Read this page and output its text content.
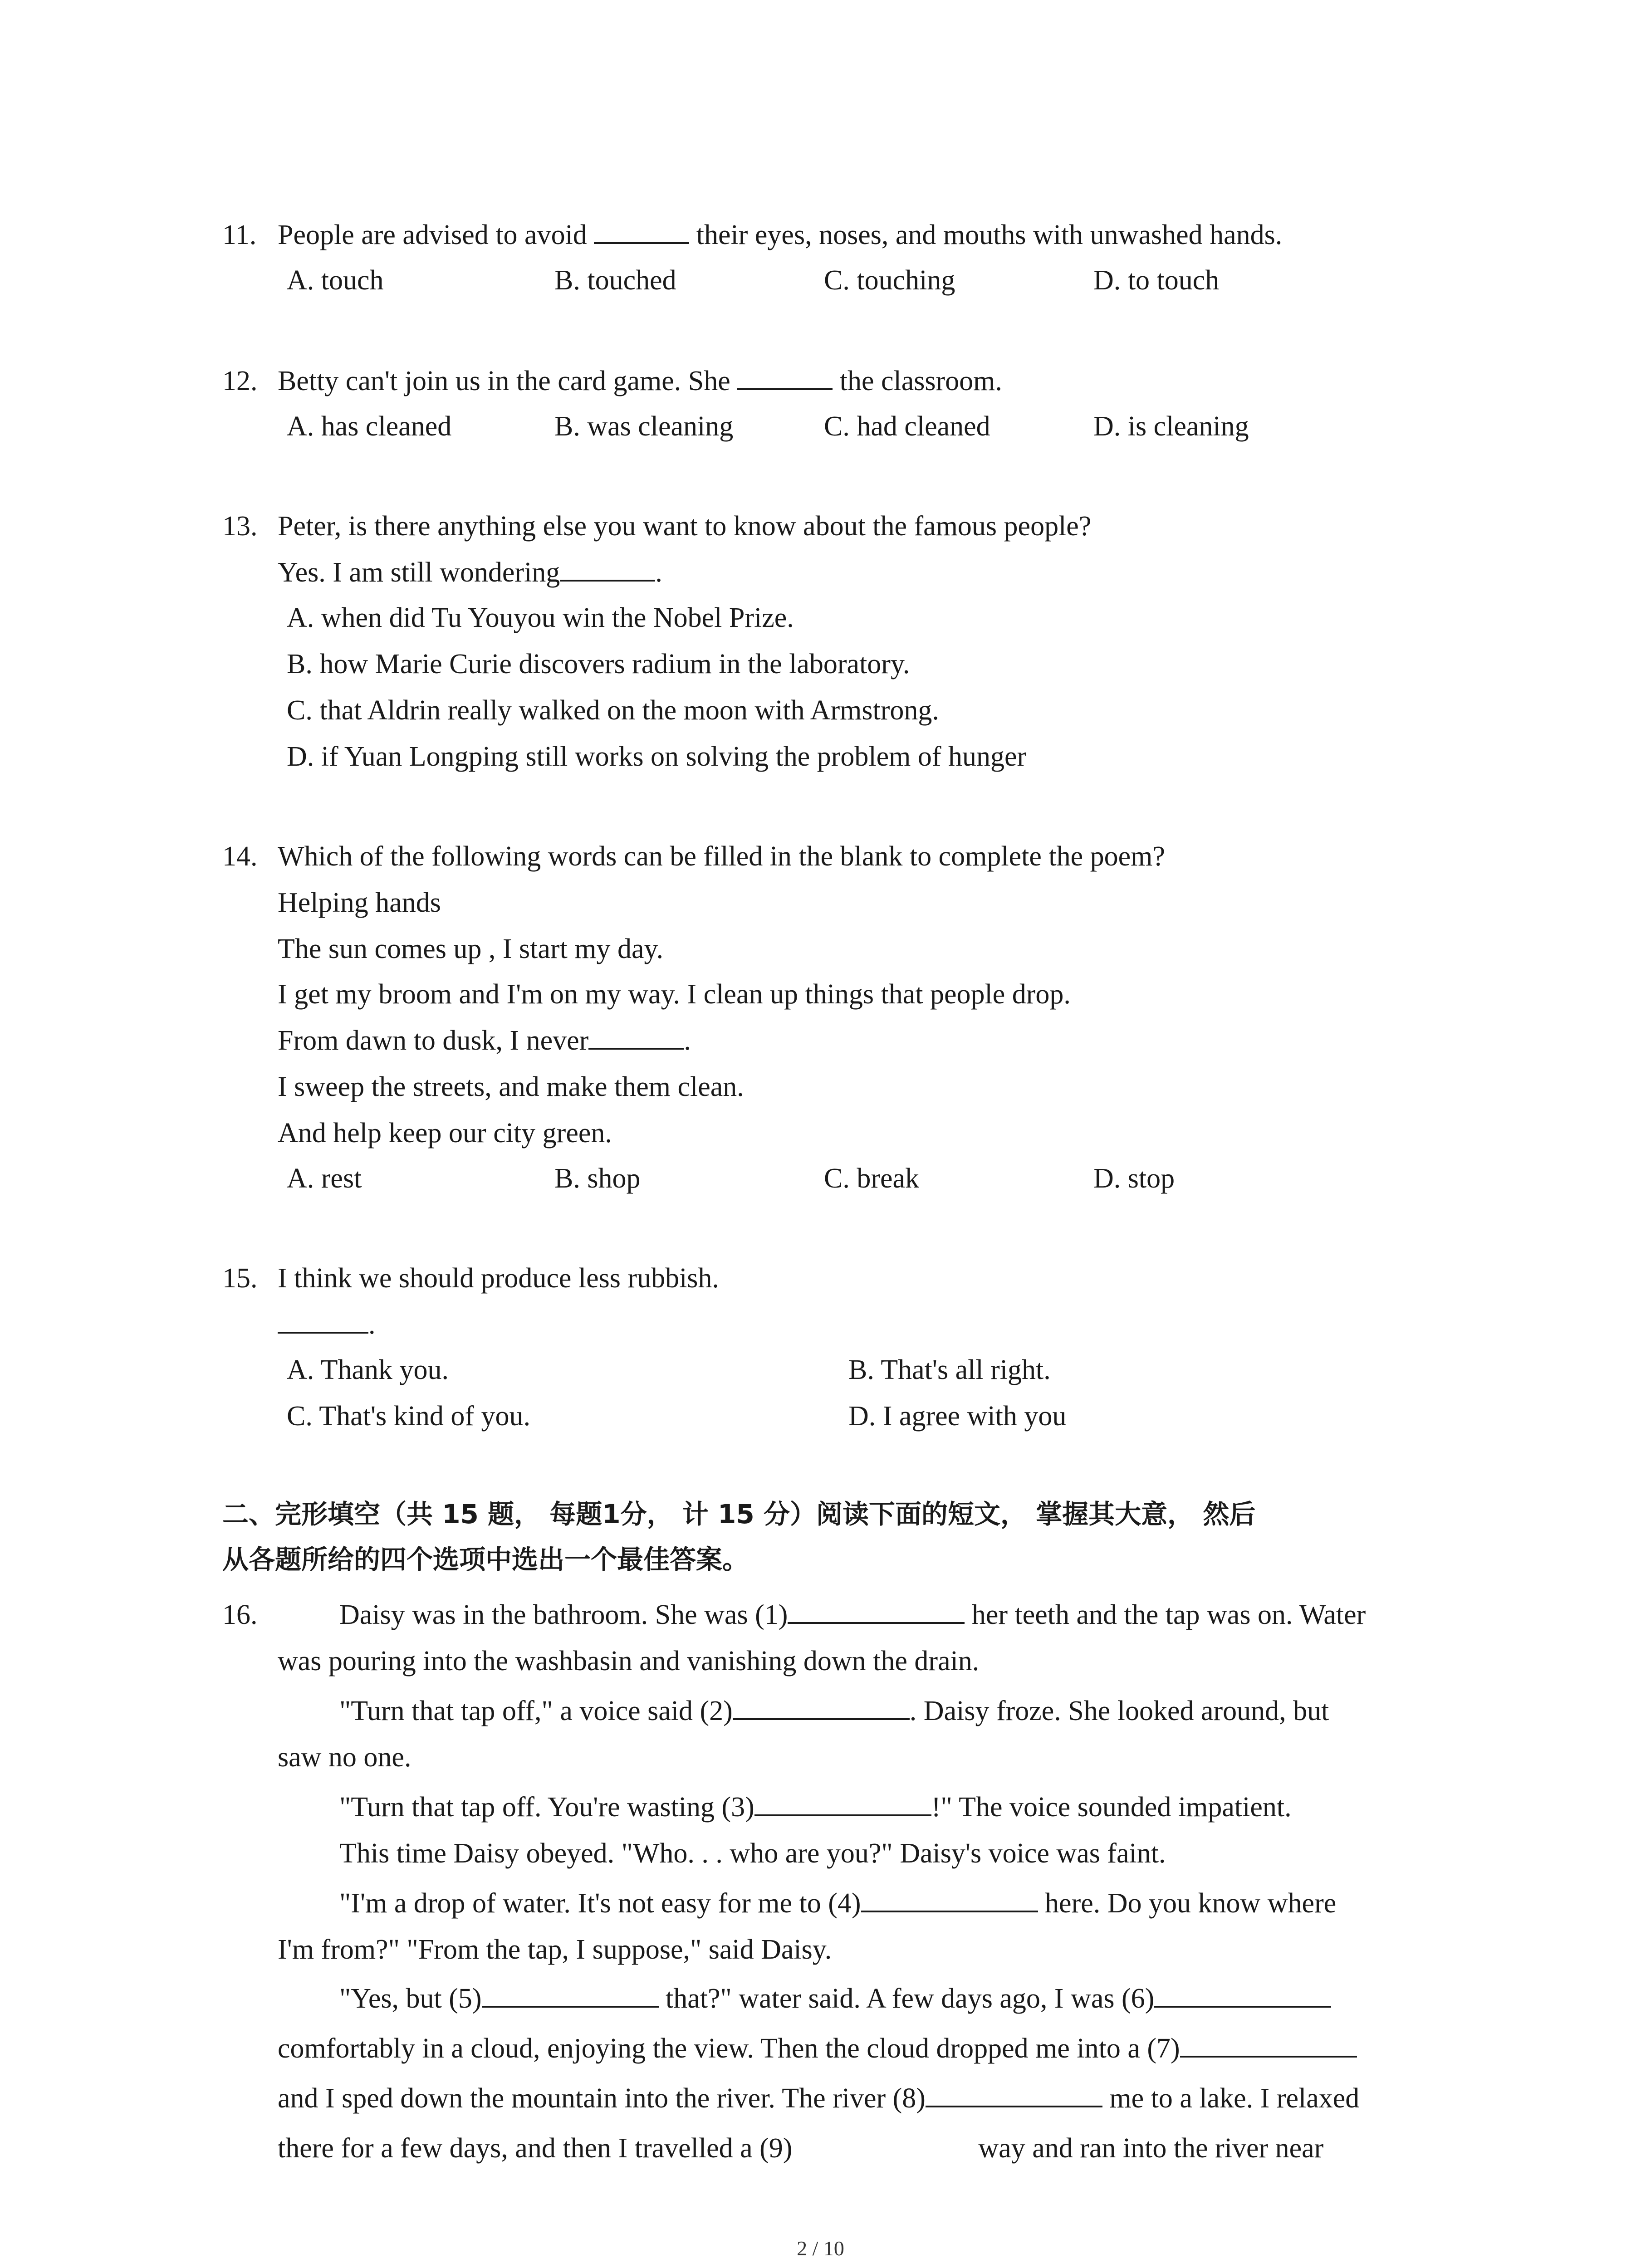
11. People are advised to avoid	their eyes, noses, and mouths with unwashed hands.
A. touch	B. touched	C. touching	D. to touch
12. Betty can't join us in the card game. She	the classroom.
A. has cleaned	B. was cleaning	C. had cleaned	D. is cleaning
13. Peter, is there anything else you want to know about the famous people?
Yes. I am still wondering	.
A. when did Tu Youyou win the Nobel Prize.
B. how Marie Curie discovers radium in the laboratory.
C. that Aldrin really walked on the moon with Armstrong.
D. if Yuan Longping still works on solving the problem of hunger
14. Which of the following words can be filled in the blank to complete the poem?
Helping hands
The sun comes up , I start my day.
I get my broom and I'm on my way. I clean up things that people drop.
From dawn to dusk, I never	.
I sweep the streets, and make them clean.
And help keep our city green.
A. rest	B. shop	C. break	D. stop
15. I think we should produce less rubbish.
.
A. Thank you.	B. That's all right.
C. That's kind of you.	D. I agree with you
二、完形填空（共 15 题， 每题1分， 计 15 分）阅读下面的短文， 掌握其大意， 然后
从各题所给的四个选项中选出一个最佳答案。
16.	Daisy was in the bathroom. She was (1)	her teeth and the tap was on. Water
was pouring into the washbasin and vanishing down the drain.
"Turn that tap off," a voice said (2)	. Daisy froze. She looked around, but
saw no one.
"Turn that tap off. You're wasting (3)	!" The voice sounded impatient.
This time Daisy obeyed. "Who. . . who are you?" Daisy's voice was faint.
"I'm a drop of water. It's not easy for me to (4)	here. Do you know where
I'm from?" "From the tap, I suppose," said Daisy.
"Yes, but (5)	that?" water said. A few days ago, I was (6)
comfortably in a cloud, enjoying the view. Then the cloud dropped me into a (7)
and I sped down the mountain into the river. The river (8)	me to a lake. I relaxed
there for a few days, and then I travelled a (9)	way and ran into the river near
2 / 10
